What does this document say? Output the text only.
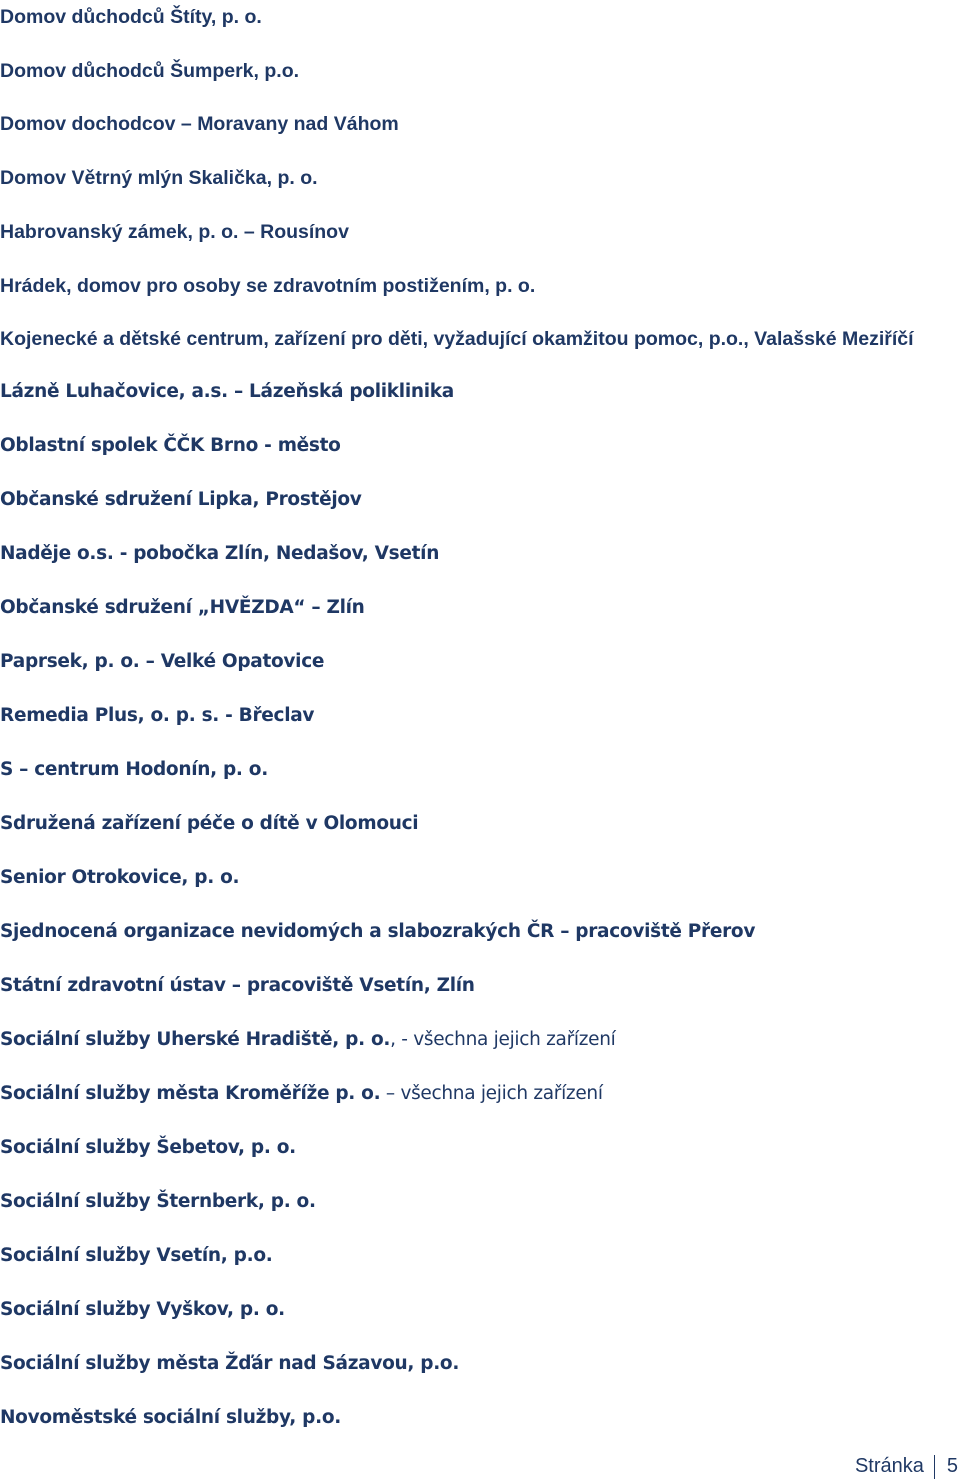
Domov důchodců Štíty, p. o.
Domov důchodců Šumperk, p.o.
Domov dochodcov – Moravany nad Váhom
Domov Větrný mlýn Skalička, p. o.
Habrovanský zámek, p. o. – Rousínov
Hrádek, domov pro osoby se zdravotním postižením, p. o.
Kojenecké a dětské centrum, zařízení pro děti, vyžadující okamžitou pomoc, p.o., Valašské Meziříčí
Lázně Luhačovice, a.s. – Lázeňská poliklinika
Oblastní spolek ČČK Brno - město
Občanské sdružení Lipka, Prostějov
Naděje o.s. - pobočka Zlín, Nedašov, Vsetín
Občanské sdružení „HVĚZDA“ – Zlín
Paprsek, p. o. – Velké Opatovice
Remedia Plus, o. p. s. - Břeclav
S – centrum Hodonín, p. o.
Sdružená zařízení péče o dítě v Olomouci
Senior Otrokovice, p. o.
Sjednocená organizace nevidomých a slabozrakých ČR – pracoviště Přerov
Státní zdravotní ústav – pracoviště Vsetín, Zlín
Sociální služby Uherské Hradiště, p. o., - všechna jejich zařízení
Sociální služby města Kroměříže p. o. – všechna jejich zařízení
Sociální služby Šebetov, p. o.
Sociální služby Šternberk, p. o.
Sociální služby Vsetín, p.o.
Sociální služby Vyškov, p. o.
Sociální služby města Žďár nad Sázavou, p.o.
Novoměstské sociální služby, p.o.
Stránka 5
